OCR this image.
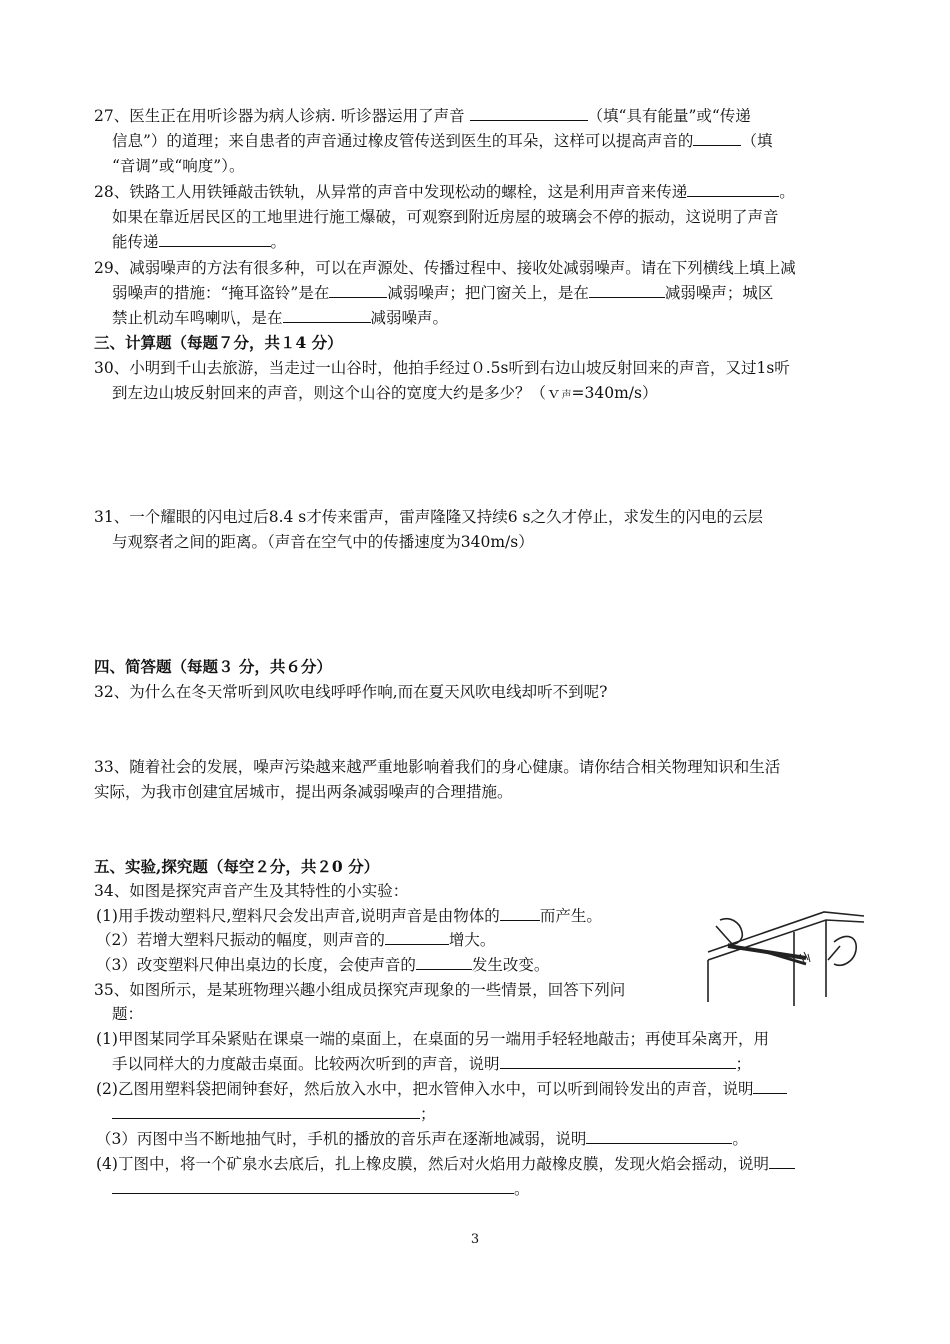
27、医生正在用听诊器为病人诊病. 听诊器运用了声音	（填“具有能量”或“传递
信息”）的道理；来自患者的声音通过橡皮管传送到医生的耳朵，这样可以提高声音的	（填
“音调”或“响度”）。
28、铁路工人用铁锤敲击铁轨，从异常的声音中发现松动的螺栓，这是利用声音来传递	。
如果在靠近居民区的工地里进行施工爆破，可观察到附近房屋的玻璃会不停的振动，这说明了声音
能传递	。
29、减弱噪声的方法有很多种，可以在声源处、传播过程中、接收处减弱噪声。请在下列横线上填上减
弱噪声的措施：“掩耳盗铃”是在	减弱噪声；把门窗关上，是在	减弱噪声；城区
禁止机动车鸣喇叭，是在	减弱噪声。
三、计算题（每题７分，共１4 分）
30、小明到千山去旅游，当走过一山谷时，他拍手经过０.5s听到右边山坡反射回来的声音，又过1s听
到左边山坡反射回来的声音，则这个山谷的宽度大约是多少？（ｖ声=340m/s）
31、一个耀眼的闪电过后8.4 s才传来雷声，雷声隆隆又持续6 s之久才停止，求发生的闪电的云层
与观察者之间的距离。（声音在空气中的传播速度为340m/s）
四、简答题（每题３ 分，共６分）
32、为什么在冬天常听到风吹电线呼呼作响,而在夏天风吹电线却听不到呢?
33、随着社会的发展，噪声污染越来越严重地影响着我们的身心健康。请你结合相关物理知识和生活
实际，为我市创建宜居城市，提出两条减弱噪声的合理措施。
五、实验,探究题（每空２分，共２0 分）
34、如图是探究声音产生及其特性的小实验：
(1)用手拨动塑料尺,塑料尺会发出声音,说明声音是由物体的	而产生。
（2）若增大塑料尺振动的幅度，则声音的	增大。
（3）改变塑料尺伸出桌边的长度，会使声音的	发生改变。
35、如图所示，是某班物理兴趣小组成员探究声现象的一些情景，回答下列问
题：
(1)甲图某同学耳朵紧贴在课桌一端的桌面上，在桌面的另一端用手轻轻地敲击；再使耳朵离开，用
手以同样大的力度敲击桌面。比较两次听到的声音，说明	；
(2)乙图用塑料袋把闹钟套好，然后放入水中，把水管伸入水中，可以听到闹铃发出的声音，说明
；
（3）丙图中当不断地抽气时，手机的播放的音乐声在逐渐地减弱，说明	。
(4)丁图中，将一个矿泉水去底后，扎上橡皮膜，然后对火焰用力敲橡皮膜，发现火焰会摇动，说明
。
3
